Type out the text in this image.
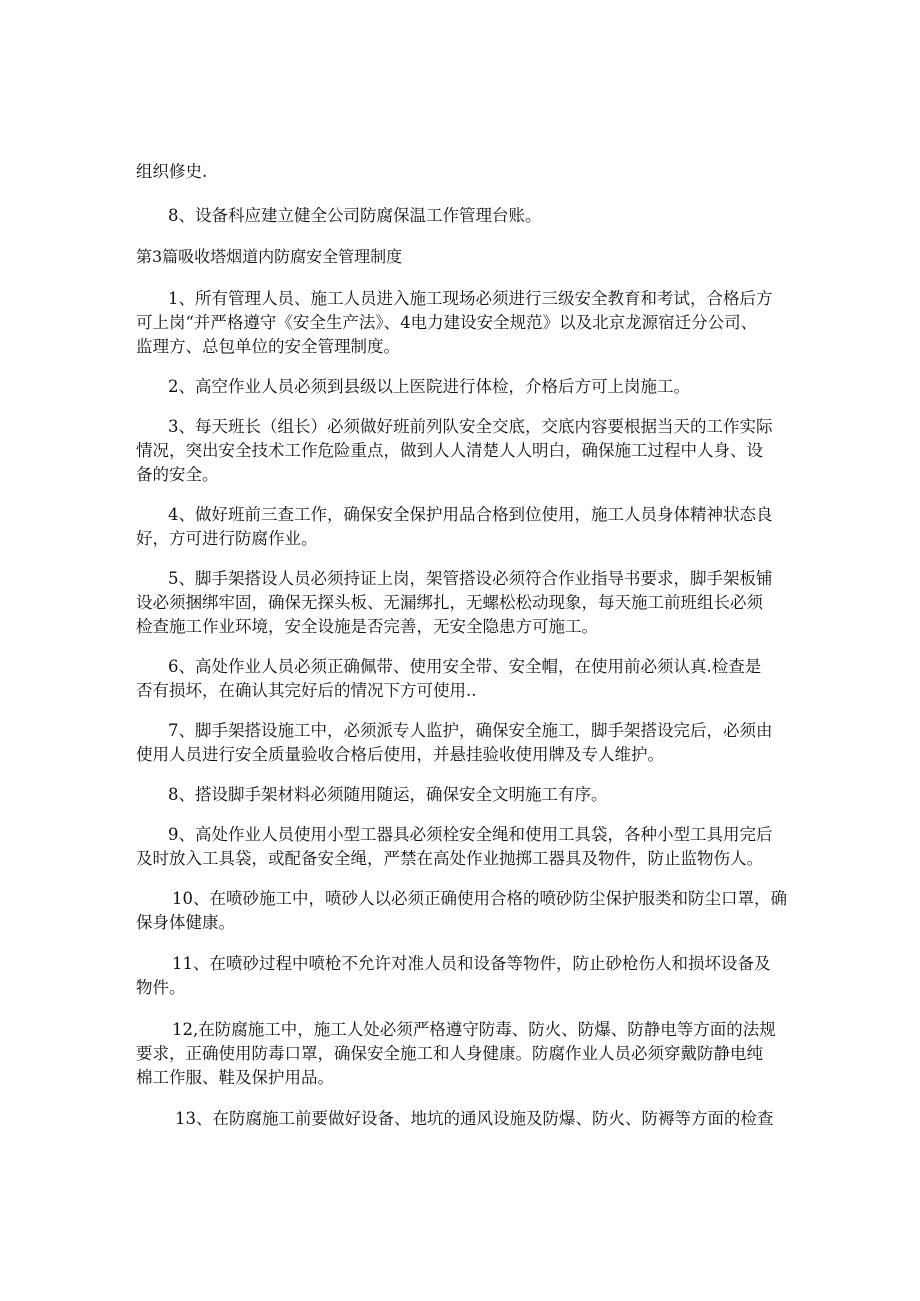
组织修史.
8、设备科应建立健全公司防腐保温工作管理台账。
第3篇吸收塔烟道内防腐安全管理制度
1、所有管理人员、施工人员进入施工现场必须进行三级安全教育和考试，合格后方
可上岗“并严格遵守《安全生产法》、4电力建设安全规范》以及北京龙源宿迁分公司、
监理方、总包单位的安全管理制度。
2、高空作业人员必须到县级以上医院进行体检，介格后方可上岗施工。
3、每天班长（组长）必须做好班前列队安全交底，交底内容要根据当天的工作实际
情况，突出安全技术工作危险重点，做到人人清楚人人明白，确保施工过程中人身、设
备的安全。
4、做好班前三查工作，确保安全保护用品合格到位使用，施工人员身体精神状态良
好，方可进行防腐作业。
5、脚手架搭设人员必须持证上岗，架管搭设必须符合作业指导书要求，脚手架板铺
设必须捆绑牢固，确保无探头板、无漏绑扎，无螺松松动现象，每天施工前班组长必须
检查施工作业环境，安全设施是否完善，无安全隐患方可施工。
6、高处作业人员必须正确佩带、使用安全带、安全帽，在使用前必须认真.检查是
否有损坏，在确认其完好后的情况下方可使用..
7、脚手架搭设施工中，必须派专人监护，确保安全施工，脚手架搭设完后，必须由
使用人员进行安全质量验收合格后使用，并悬挂验收使用牌及专人维护。
8、搭设脚手架材料必须随用随运，确保安全文明施工有序。
9、高处作业人员使用小型工器具必须栓安全绳和使用工具袋，各种小型工具用完后
及时放入工具袋，或配备安全绳，严禁在高处作业抛掷工器具及物件，防止监物伤人。
10、在喷砂施工中，喷砂人以必须正确使用合格的喷砂防尘保护服类和防尘口罩，确
保身体健康。
11、在喷砂过程中喷枪不允许对准人员和设备等物件，防止砂枪伤人和损坏设备及
物件。
12,在防腐施工中，施工人处必须严格遵守防毒、防火、防爆、防静电等方面的法规
要求，正确使用防毒口罩，确保安全施工和人身健康。防腐作业人员必须穿戴防静电纯
棉工作服、鞋及保护用品。
13、在防腐施工前要做好设备、地坑的通风设施及防爆、防火、防褥等方面的检查
